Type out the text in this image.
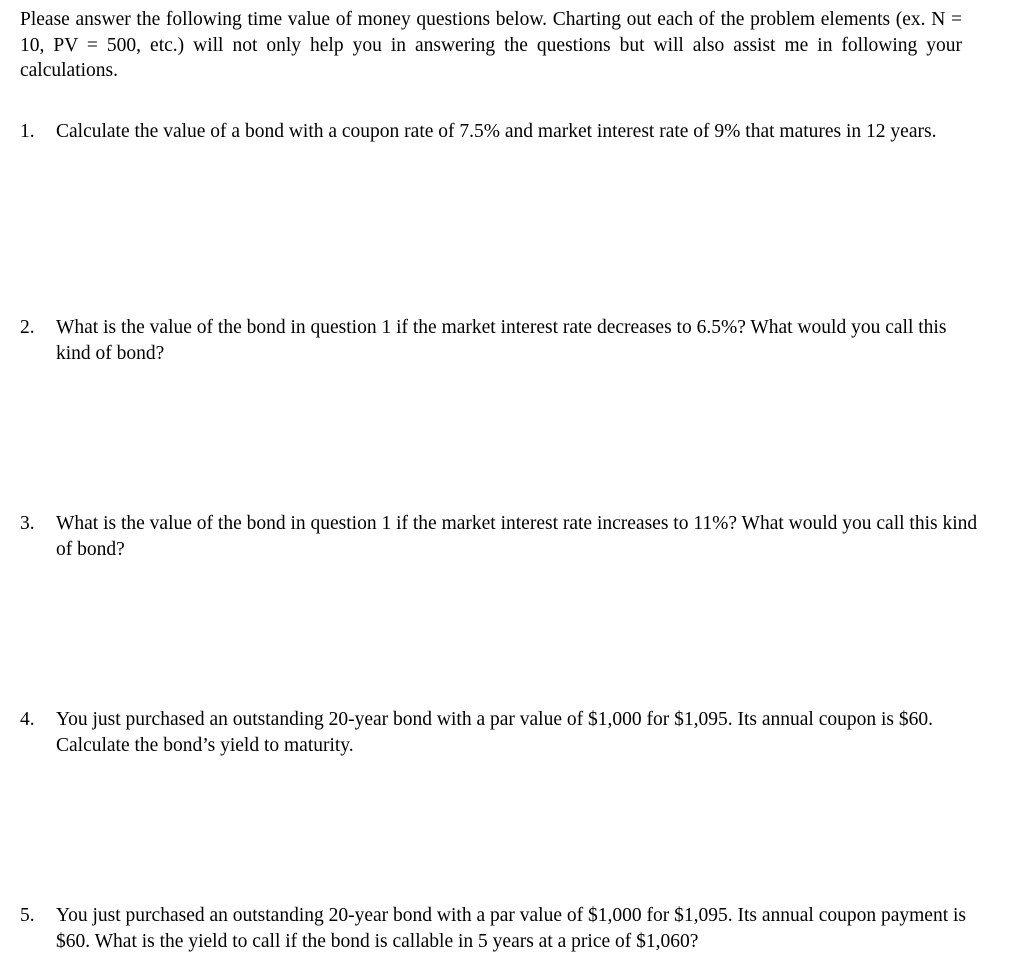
Please answer the following time value of money questions below. Charting out each of the problem elements (ex. N = 10, PV = 500, etc.) will not only help you in answering the questions but will also assist me in following your calculations.

1.	Calculate the value of a bond with a coupon rate of 7.5% and market interest rate of 9% that matures in 12 years.

2.	What is the value of the bond in question 1 if the market interest rate decreases to 6.5%? What would you call this kind of bond?

3.	What is the value of the bond in question 1 if the market interest rate increases to 11%? What would you call this kind of bond?

4.	You just purchased an outstanding 20-year bond with a par value of $1,000 for $1,095. Its annual coupon is $60. Calculate the bond’s yield to maturity.

5.	You just purchased an outstanding 20-year bond with a par value of $1,000 for $1,095. Its annual coupon payment is $60. What is the yield to call if the bond is callable in 5 years at a price of $1,060?
